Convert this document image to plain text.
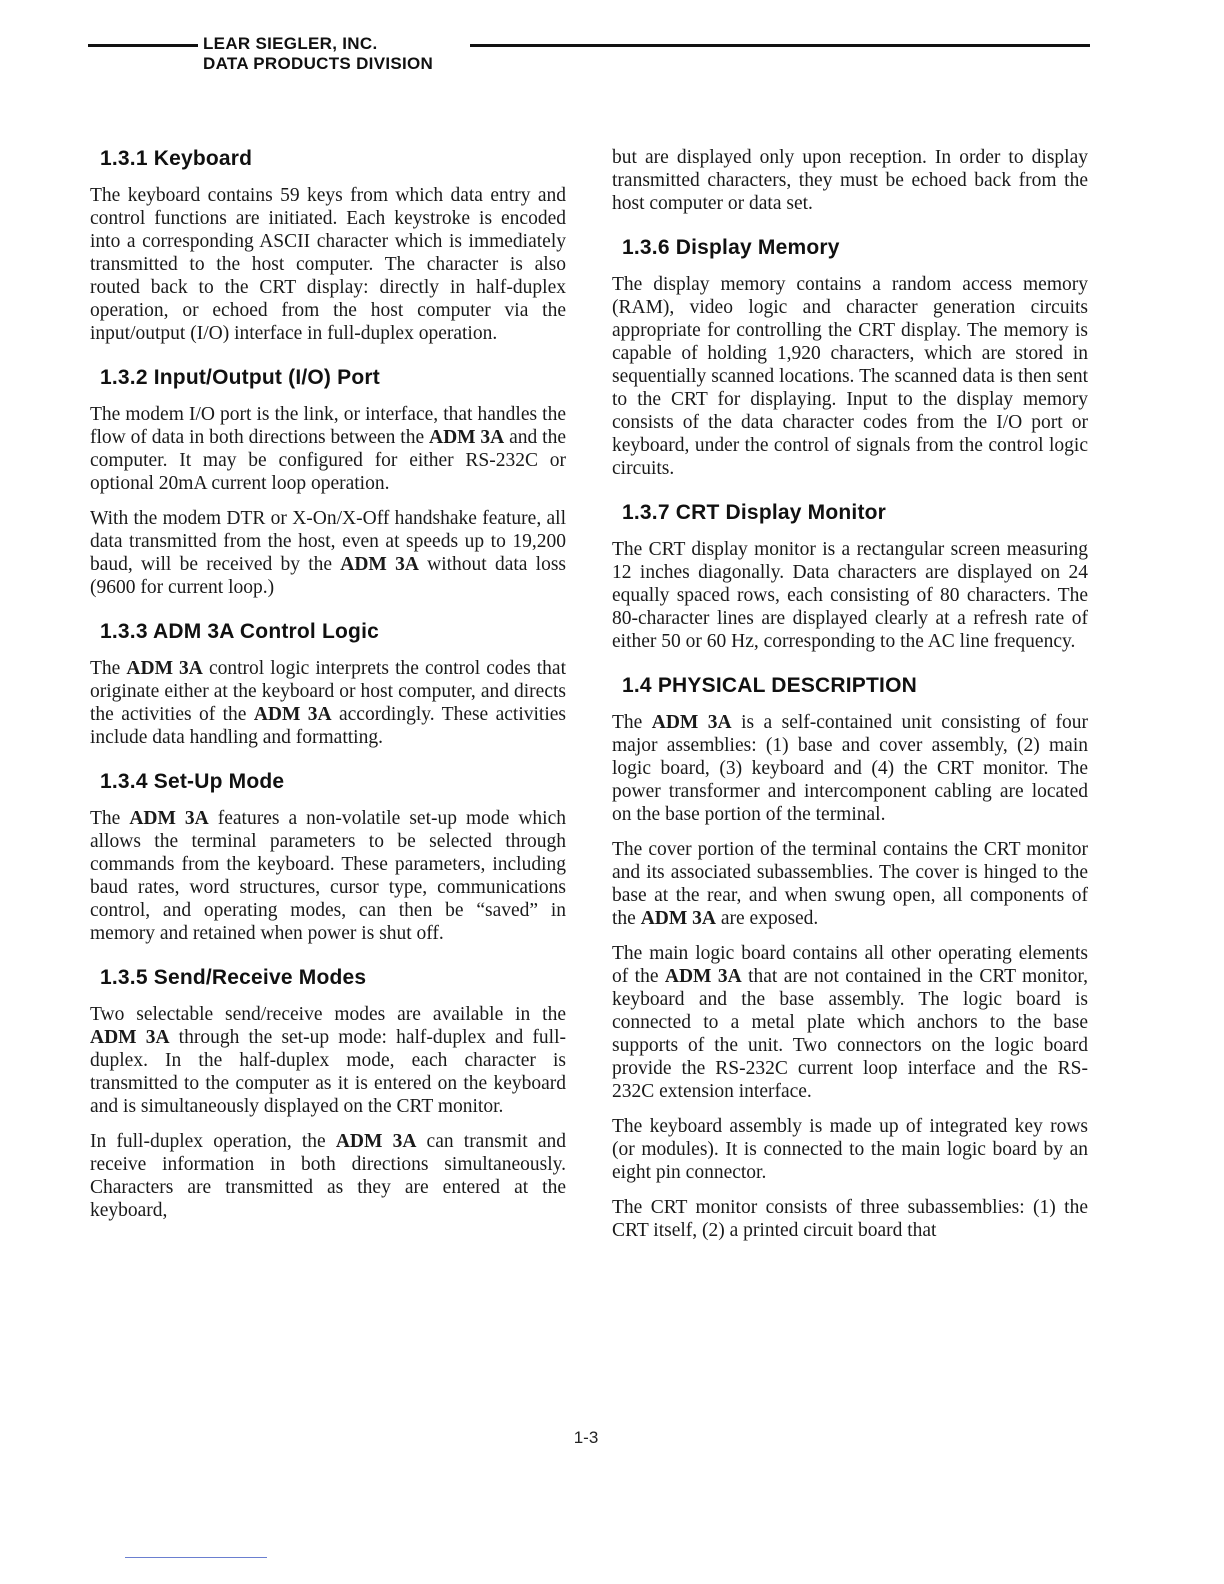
LEAR SIEGLER, INC.
DATA PRODUCTS DIVISION
1.3.1 Keyboard

The keyboard contains 59 keys from which data entry and control functions are initiated. Each keystroke is encoded into a corresponding ASCII character which is immediately transmitted to the host computer. The character is also routed back to the CRT display: directly in half-duplex operation, or echoed from the host computer via the input/output (I/O) interface in full-duplex operation.

1.3.2 Input/Output (I/O) Port

The modem I/O port is the link, or interface, that handles the flow of data in both directions between the ADM 3A and the computer. It may be configured for either RS-232C or optional 20mA current loop operation.

With the modem DTR or X-On/X-Off handshake feature, all data transmitted from the host, even at speeds up to 19,200 baud, will be received by the ADM 3A without data loss (9600 for current loop.)

1.3.3 ADM 3A Control Logic

The ADM 3A control logic interprets the control codes that originate either at the keyboard or host computer, and directs the activities of the ADM 3A accordingly. These activities include data handling and formatting.

1.3.4 Set-Up Mode

The ADM 3A features a non-volatile set-up mode which allows the terminal parameters to be selected through commands from the keyboard. These parameters, including baud rates, word structures, cursor type, communications control, and operating modes, can then be “saved” in memory and retained when power is shut off.

1.3.5 Send/Receive Modes

Two selectable send/receive modes are available in the ADM 3A through the set-up mode: half-duplex and full-duplex. In the half-duplex mode, each character is transmitted to the computer as it is entered on the keyboard and is simultaneously displayed on the CRT monitor.

In full-duplex operation, the ADM 3A can transmit and receive information in both directions simultaneously. Characters are transmitted as they are entered at the keyboard,

but are displayed only upon reception. In order to display transmitted characters, they must be echoed back from the host computer or data set.

1.3.6 Display Memory

The display memory contains a random access memory (RAM), video logic and character generation circuits appropriate for controlling the CRT display. The memory is capable of holding 1,920 characters, which are stored in sequentially scanned locations. The scanned data is then sent to the CRT for displaying. Input to the display memory consists of the data character codes from the I/O port or keyboard, under the control of signals from the control logic circuits.

1.3.7 CRT Display Monitor

The CRT display monitor is a rectangular screen measuring 12 inches diagonally. Data characters are displayed on 24 equally spaced rows, each consisting of 80 characters. The 80-character lines are displayed clearly at a refresh rate of either 50 or 60 Hz, corresponding to the AC line frequency.

1.4 PHYSICAL DESCRIPTION

The ADM 3A is a self-contained unit consisting of four major assemblies: (1) base and cover assembly, (2) main logic board, (3) keyboard and (4) the CRT monitor. The power transformer and intercomponent cabling are located on the base portion of the terminal.

The cover portion of the terminal contains the CRT monitor and its associated subassemblies. The cover is hinged to the base at the rear, and when swung open, all components of the ADM 3A are exposed.

The main logic board contains all other operating elements of the ADM 3A that are not contained in the CRT monitor, keyboard and the base assembly. The logic board is connected to a metal plate which anchors to the base supports of the unit. Two connectors on the logic board provide the RS-232C current loop interface and the RS-232C extension interface.

The keyboard assembly is made up of integrated key rows (or modules). It is connected to the main logic board by an eight pin connector.

The CRT monitor consists of three subassemblies: (1) the CRT itself, (2) a printed circuit board that

1-3
